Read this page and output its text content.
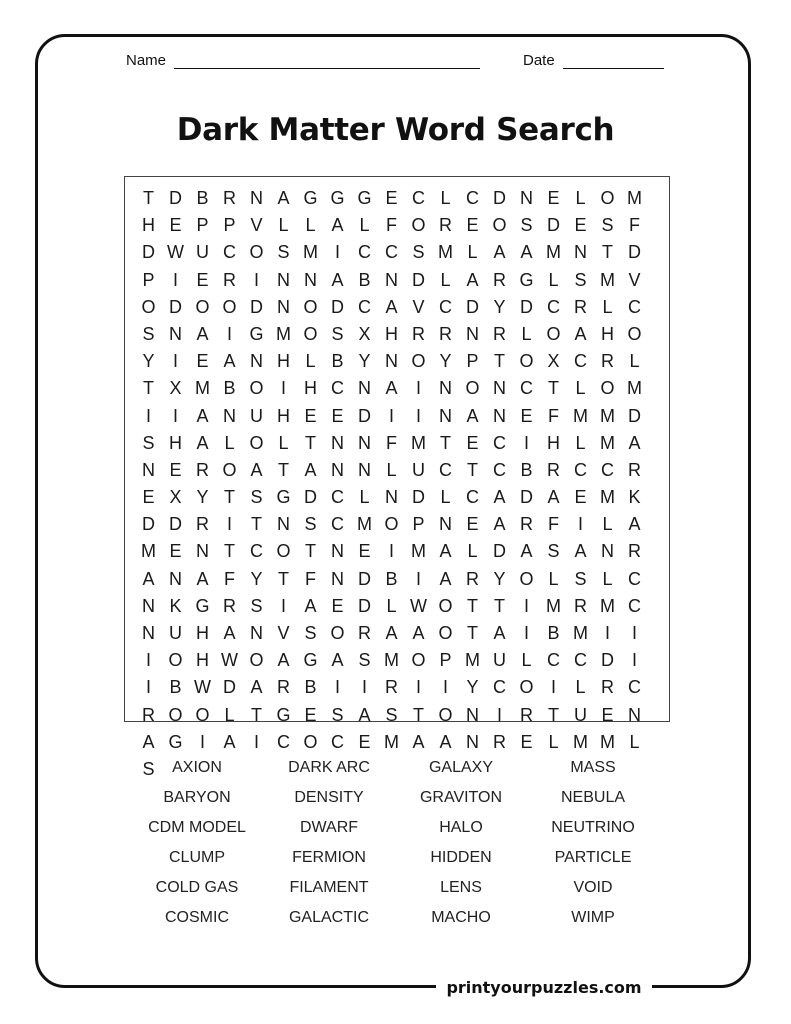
Name	Date
Dark Matter Word Search
T D B R N A G G G E C L C D N E L O M
H E P P V L L A L F O R E O S D E S F
D W U C O S M I	C C S M L A A M N T D
P	I	E R I	N N A B N D L A R G L S M V
O D O O D N O D C A V C D Y D C R L C
S N A	I G M O S X H R R N R L O A H O
Y	I	E A N H L B Y N O Y P T O X C R L
T X M B O I	H C N A	I	N O N C T L O M
I	I	A N U H E E D I	I	N A N E F M M D
S H A L O L T N N F M T E C I	H L M A
N E R O A T A N N L U C T C B R C C R
E X Y T S G D C L N D L C A D A E M K
D D R I	T N S C M O P N E A R F	I	L A
M E N T C O T N E	I M A L D A S A N R
A N A F Y T F N D B	I	A R Y O L S L C
N K G R S	I	A E D L W O T T	I M R M C
N U H A N V S O R A A O T A	I	B M I	I
I O H W O A G A S M O P M U L C C D I
I	B W D A R B	I	I	R I	I	Y C O I	L R C
R O O L T G E S A S T O N I	R T U E N
A G I	A	I	C O C E M A A N R E L M M L
S	AXION	DARK ARC	GALAXY	MASS
BARYON	DENSITY	GRAVITON	NEBULA
CDM MODEL	DWARF	HALO	NEUTRINO
CLUMP	FERMION	HIDDEN	PARTICLE
COLD GAS	FILAMENT	LENS	VOID
COSMIC	GALACTIC	MACHO	WIMP
printyourpuzzles.com
